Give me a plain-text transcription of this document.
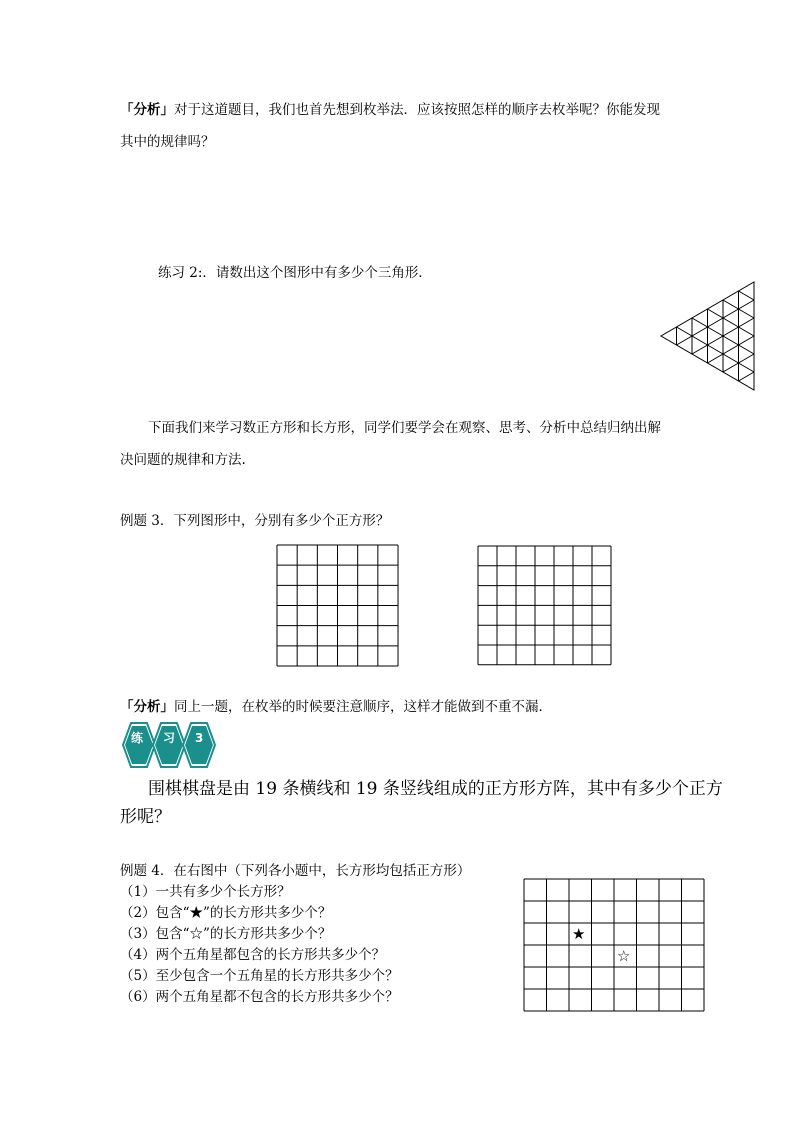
「分析」对于这道题目，我们也首先想到枚举法．应该按照怎样的顺序去枚举呢？你能发现
其中的规律吗？
练习 2:．请数出这个图形中有多少个三角形．
下面我们来学习数正方形和长方形，同学们要学会在观察、思考、分析中总结归纳出解
决问题的规律和方法.
例题 3．下列图形中，分别有多少个正方形？
「分析」同上一题，在枚举的时候要注意顺序，这样才能做到不重不漏．
练 习 3
围棋棋盘是由 19 条横线和 19 条竖线组成的正方形方阵，其中有多少个正方
形呢？
例题 4．在右图中（下列各小题中，长方形均包括正方形）
（1）一共有多少个长方形？
（2）包含“★”的长方形共多少个？
（3）包含“☆”的长方形共多少个？
（4）两个五角星都包含的长方形共多少个？
（5）至少包含一个五角星的长方形共多少个？
（6）两个五角星都不包含的长方形共多少个？
★
☆
